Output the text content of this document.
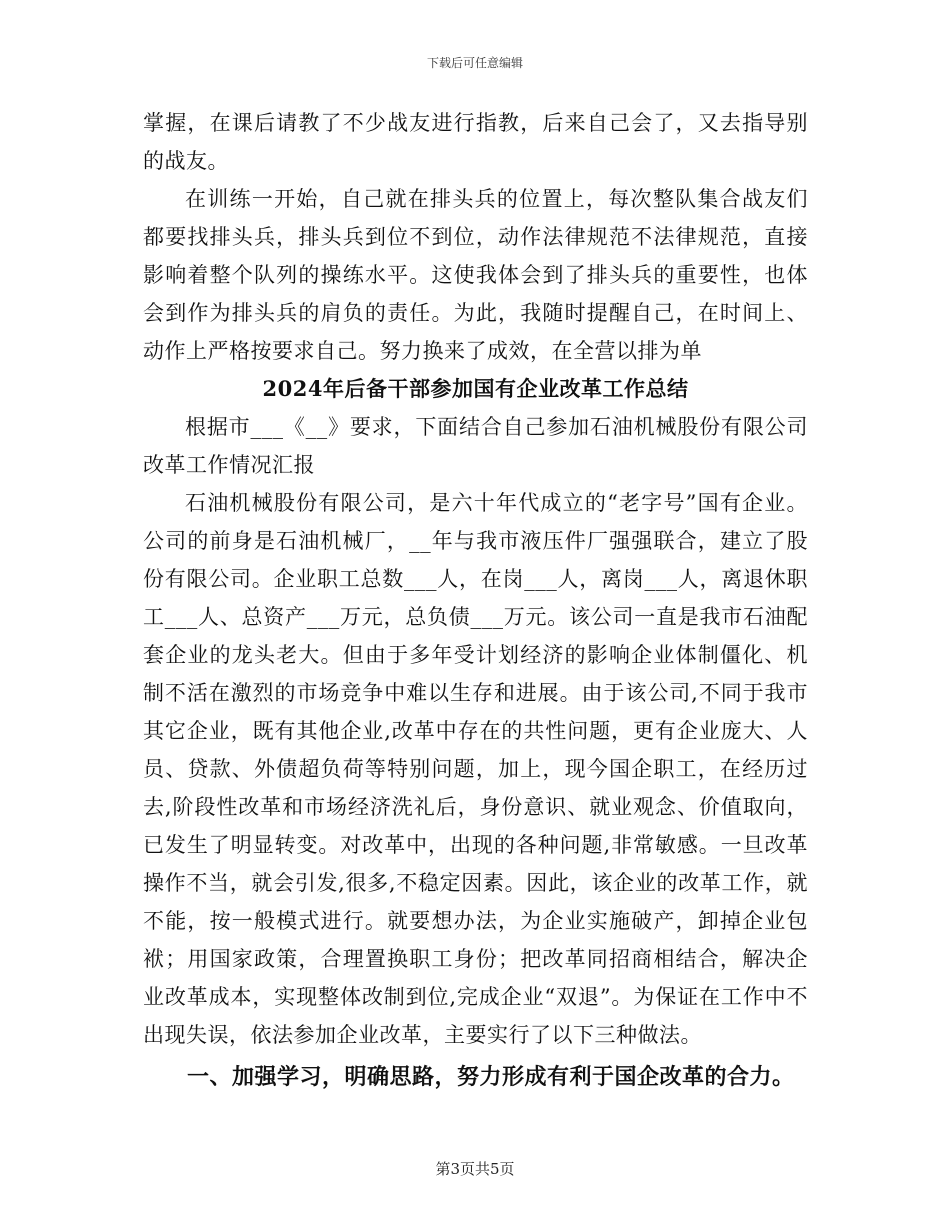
下载后可任意编辑

掌握，在课后请教了不少战友进行指教，后来自己会了，又去指导别的战友。

在训练一开始，自己就在排头兵的位置上，每次整队集合战友们都要找排头兵，排头兵到位不到位，动作法律规范不法律规范，直接影响着整个队列的操练水平。这使我体会到了排头兵的重要性，也体会到作为排头兵的肩负的责任。为此，我随时提醒自己，在时间上、动作上严格按要求自己。努力换来了成效，在全营以排为单

2024年后备干部参加国有企业改革工作总结

根据市___《__》要求，下面结合自己参加石油机械股份有限公司改革工作情况汇报

石油机械股份有限公司，是六十年代成立的“老字号”国有企业。公司的前身是石油机械厂，__年与我市液压件厂强强联合，建立了股份有限公司。企业职工总数___人，在岗___人，离岗___人，离退休职工___人、总资产___万元，总负债___万元。该公司一直是我市石油配套企业的龙头老大。但由于多年受计划经济的影响企业体制僵化、机制不活在激烈的市场竞争中难以生存和进展。由于该公司,不同于我市其它企业，既有其他企业,改革中存在的共性问题，更有企业庞大、人员、贷款、外债超负荷等特别问题，加上，现今国企职工，在经历过去,阶段性改革和市场经济洗礼后，身份意识、就业观念、价值取向，已发生了明显转变。对改革中，出现的各种问题,非常敏感。一旦改革操作不当，就会引发,很多,不稳定因素。因此，该企业的改革工作，就不能，按一般模式进行。就要想办法，为企业实施破产，卸掉企业包袱；用国家政策，合理置换职工身份；把改革同招商相结合，解决企业改革成本，实现整体改制到位,完成企业“双退”。为保证在工作中不出现失误，依法参加企业改革，主要实行了以下三种做法。

一、加强学习，明确思路，努力形成有利于国企改革的合力。

第3页共5页
